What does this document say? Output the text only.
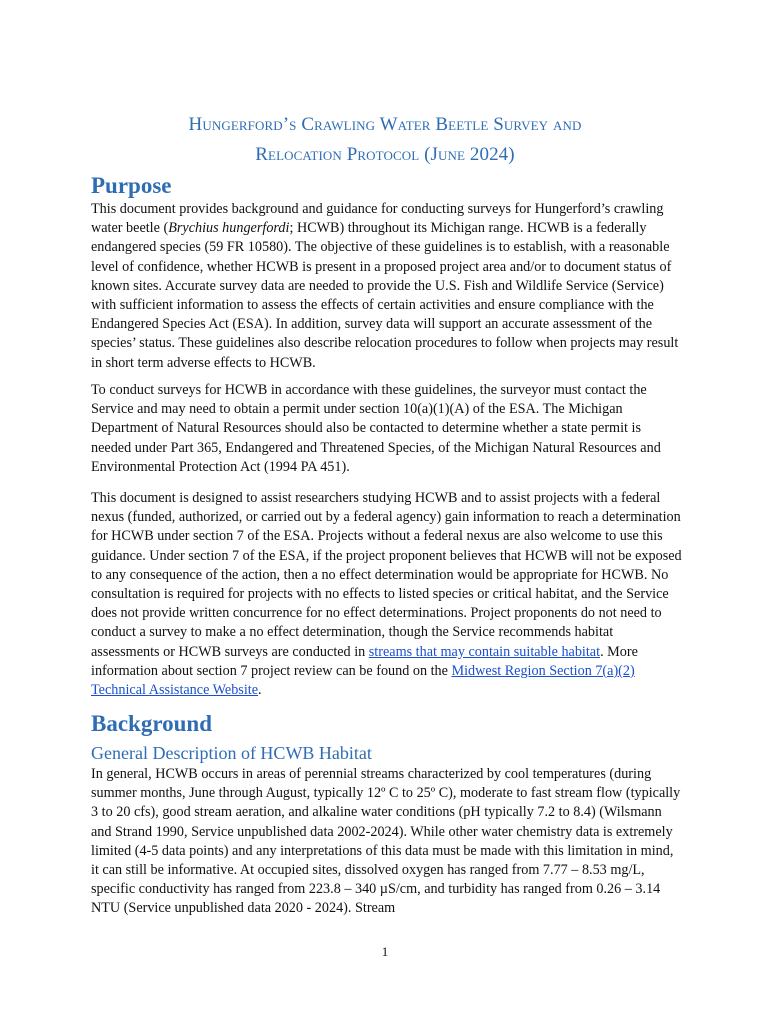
Hungerford’s Crawling Water Beetle Survey and
Relocation Protocol (June 2024)
Purpose

This document provides background and guidance for conducting surveys for Hungerford’s crawling water beetle (Brychius hungerfordi; HCWB) throughout its Michigan range. HCWB is a federally endangered species (59 FR 10580). The objective of these guidelines is to establish, with a reasonable level of confidence, whether HCWB is present in a proposed project area and/or to document status of known sites. Accurate survey data are needed to provide the U.S. Fish and Wildlife Service (Service) with sufficient information to assess the effects of certain activities and ensure compliance with the Endangered Species Act (ESA). In addition, survey data will support an accurate assessment of the species’ status. These guidelines also describe relocation procedures to follow when projects may result in short term adverse effects to HCWB.

To conduct surveys for HCWB in accordance with these guidelines, the surveyor must contact the Service and may need to obtain a permit under section 10(a)(1)(A) of the ESA. The Michigan Department of Natural Resources should also be contacted to determine whether a state permit is needed under Part 365, Endangered and Threatened Species, of the Michigan Natural Resources and Environmental Protection Act (1994 PA 451).

This document is designed to assist researchers studying HCWB and to assist projects with a federal nexus (funded, authorized, or carried out by a federal agency) gain information to reach a determination for HCWB under section 7 of the ESA. Projects without a federal nexus are also welcome to use this guidance. Under section 7 of the ESA, if the project proponent believes that HCWB will not be exposed to any consequence of the action, then a no effect determination would be appropriate for HCWB. No consultation is required for projects with no effects to listed species or critical habitat, and the Service does not provide written concurrence for no effect determinations. Project proponents do not need to conduct a survey to make a no effect determination, though the Service recommends habitat assessments or HCWB surveys are conducted in streams that may contain suitable habitat. More information about section 7 project review can be found on the Midwest Region Section 7(a)(2) Technical Assistance Website.

Background
General Description of HCWB Habitat

In general, HCWB occurs in areas of perennial streams characterized by cool temperatures (during summer months, June through August, typically 12º C to 25º C), moderate to fast stream flow (typically 3 to 20 cfs), good stream aeration, and alkaline water conditions (pH typically 7.2 to 8.4) (Wilsmann and Strand 1990, Service unpublished data 2002-2024). While other water chemistry data is extremely limited (4-5 data points) and any interpretations of this data must be made with this limitation in mind, it can still be informative. At occupied sites, dissolved oxygen has ranged from 7.77 – 8.53 mg/L, specific conductivity has ranged from 223.8 – 340 µS/cm, and turbidity has ranged from 0.26 – 3.14 NTU (Service unpublished data 2020 - 2024). Stream

1
